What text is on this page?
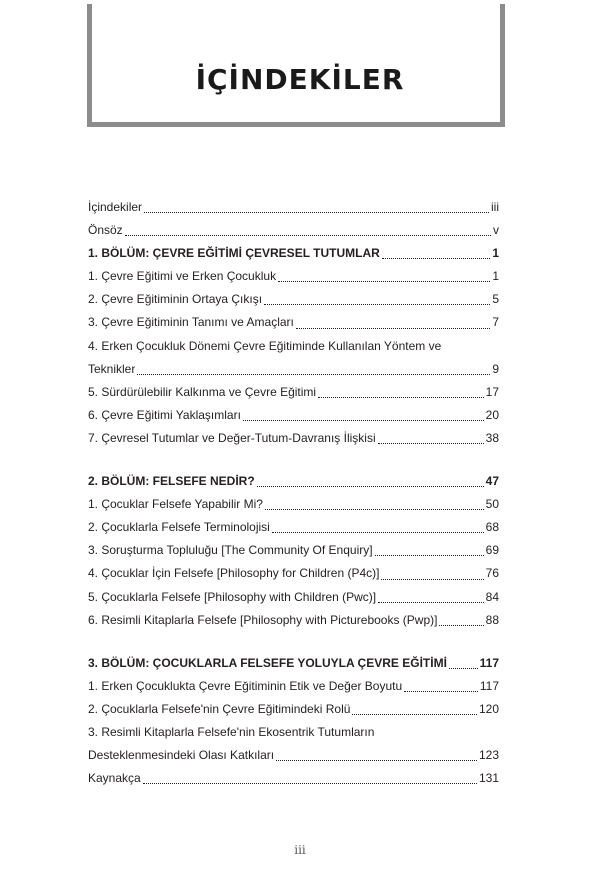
İÇİNDEKİLER
İçindekiler	iii
Önsöz	v
1. BÖLÜM: ÇEVRE EĞİTİMİ ÇEVRESEL TUTUMLAR	1
1. Çevre Eğitimi ve Erken Çocukluk	1
2. Çevre Eğitiminin Ortaya Çıkışı	5
3. Çevre Eğitiminin Tanımı ve Amaçları	7
4. Erken Çocukluk Dönemi Çevre Eğitiminde Kullanılan Yöntem ve
Teknikler	9
5. Sürdürülebilir Kalkınma ve Çevre Eğitimi	17
6. Çevre Eğitimi Yaklaşımları	20
7. Çevresel Tutumlar ve Değer-Tutum-Davranış İlişkisi	38
2. BÖLÜM: FELSEFE NEDİR?	47
1. Çocuklar Felsefe Yapabilir Mi?	50
2. Çocuklarla Felsefe Terminolojisi	68
3. Soruşturma Topluluğu [The Community Of Enquiry]	69
4. Çocuklar İçin Felsefe [Philosophy for Children (P4c)]	76
5. Çocuklarla Felsefe [Philosophy with Children (Pwc)]	84
6. Resimli Kitaplarla Felsefe [Philosophy with Picturebooks (Pwp)]	88
3. BÖLÜM: ÇOCUKLARLA FELSEFE YOLUYLA ÇEVRE EĞİTİMİ	117
1. Erken Çocuklukta Çevre Eğitiminin Etik ve Değer Boyutu	117
2. Çocuklarla Felsefe'nin Çevre Eğitimindeki Rolü	120
3. Resimli Kitaplarla Felsefe'nin Ekosentrik Tutumların
Desteklenmesindeki Olası Katkıları	123
Kaynakça	131
iii
